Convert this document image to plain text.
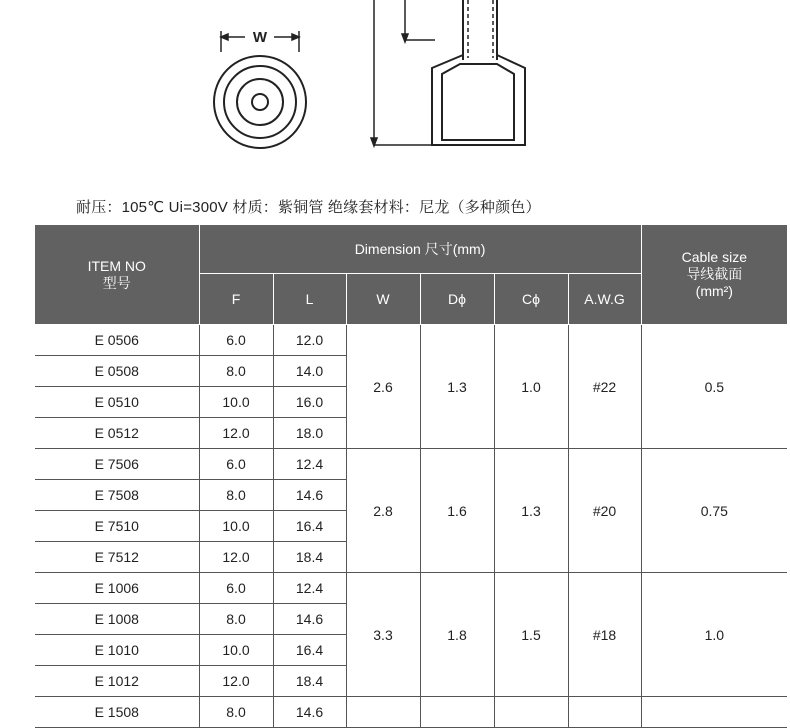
W
耐压：105℃ Ui=300V 材质：紫铜管 绝缘套材料：尼龙（多种颜色）
ITEM NO
型号	Dimension 尺寸(mm)						Cable size
导线截面
(mm²)

	F	L	W	Dϕ	Cϕ	A.W.G	
E 0506	6.0	12.0	2.6	1.3	1.0	#22	0.5
E 0508	8.0	14.0					
E 0510	10.0	16.0					
E 0512	12.0	18.0					
E 7506	6.0	12.4	2.8	1.6	1.3	#20	0.75
E 7508	8.0	14.6					
E 7510	10.0	16.4					
E 7512	12.0	18.4					
E 1006	6.0	12.4	3.3	1.8	1.5	#18	1.0
E 1008	8.0	14.6					
E 1010	10.0	16.4					
E 1012	12.0	18.4					
E 1508	8.0	14.6					
